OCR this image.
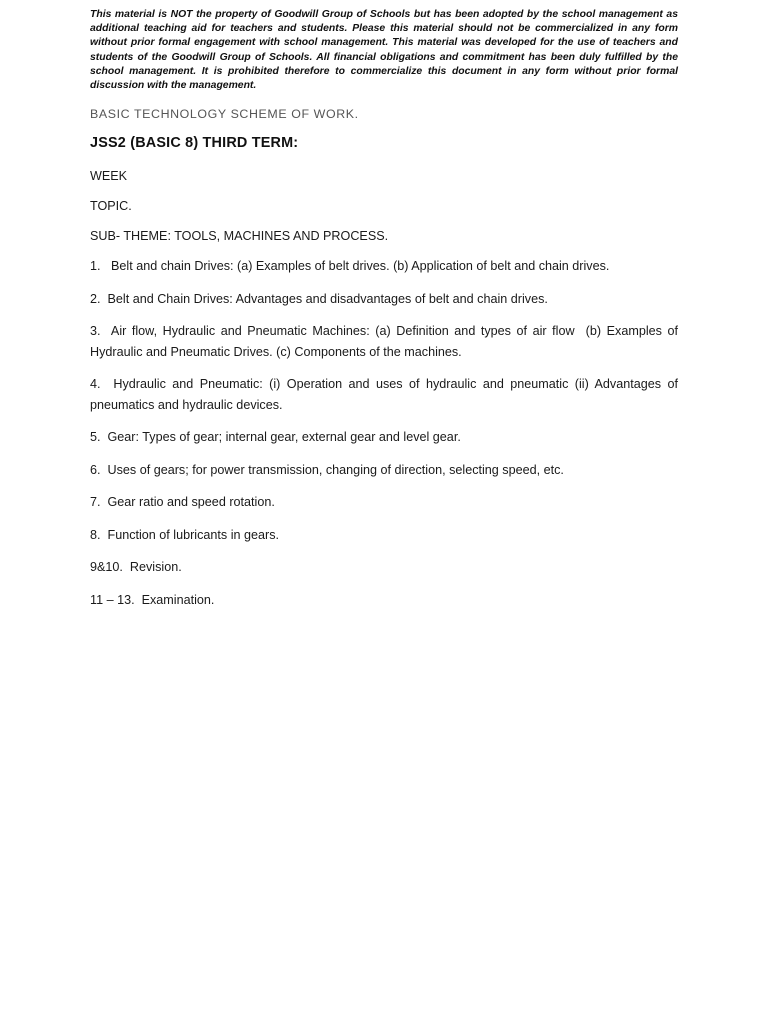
This material is NOT the property of Goodwill Group of Schools but has been adopted by the school management as additional teaching aid for teachers and students. Please this material should not be commercialized in any form without prior formal engagement with school management. This material was developed for the use of teachers and students of the Goodwill Group of Schools. All financial obligations and commitment has been duly fulfilled by the school management. It is prohibited therefore to commercialize this document in any form without prior formal discussion with the management.

BASIC TECHNOLOGY SCHEME OF WORK.
JSS2 (BASIC 8) THIRD TERM:
WEEK
TOPIC.
SUB- THEME: TOOLS, MACHINES AND PROCESS.
1.   Belt and chain Drives: (a) Examples of belt drives. (b) Application of belt and chain drives.
2.  Belt and Chain Drives: Advantages and disadvantages of belt and chain drives.
3.  Air flow, Hydraulic and Pneumatic Machines: (a) Definition and types of air flow  (b) Examples of Hydraulic and Pneumatic Drives. (c) Components of the machines.
4.  Hydraulic and Pneumatic: (i) Operation and uses of hydraulic and pneumatic (ii) Advantages of pneumatics and hydraulic devices.
5.  Gear: Types of gear; internal gear, external gear and level gear.
6.  Uses of gears; for power transmission, changing of direction, selecting speed, etc.
7.  Gear ratio and speed rotation.
8.  Function of lubricants in gears.
9&10.  Revision.
11 – 13.  Examination.
